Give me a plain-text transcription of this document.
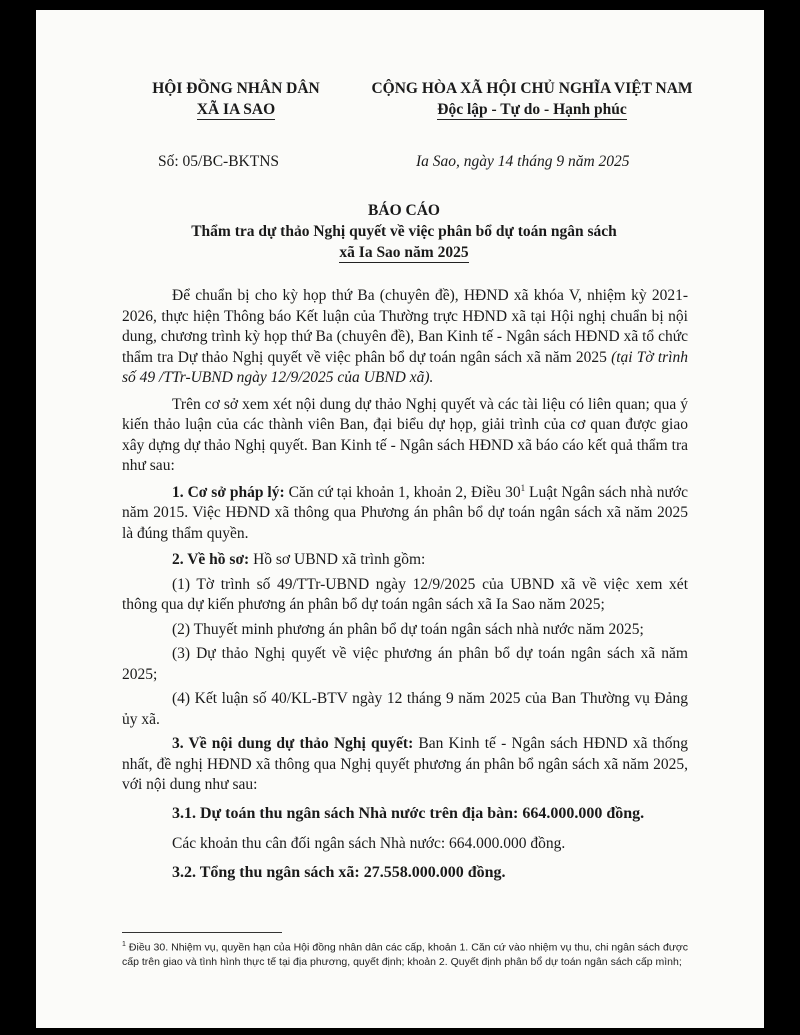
HỘI ĐỒNG NHÂN DÂN
XÃ IA SAO
CỘNG HÒA XÃ HỘI CHỦ NGHĨA VIỆT NAM
Độc lập - Tự do - Hạnh phúc
Số: 05/BC-BKTNS	Ia Sao, ngày 14 tháng 9 năm 2025
BÁO CÁO
Thẩm tra dự thảo Nghị quyết về việc phân bổ dự toán ngân sách
xã Ia Sao năm 2025

Để chuẩn bị cho kỳ họp thứ Ba (chuyên đề), HĐND xã khóa V, nhiệm kỳ 2021-2026, thực hiện Thông báo Kết luận của Thường trực HĐND xã tại Hội nghị chuẩn bị nội dung, chương trình kỳ họp thứ Ba (chuyên đề), Ban Kinh tế - Ngân sách HĐND xã tổ chức thẩm tra Dự thảo Nghị quyết về việc phân bổ dự toán ngân sách xã năm 2025 (tại Tờ trình số 49 /TTr-UBND ngày 12/9/2025 của UBND xã).

Trên cơ sở xem xét nội dung dự thảo Nghị quyết và các tài liệu có liên quan; qua ý kiến thảo luận của các thành viên Ban, đại biểu dự họp, giải trình của cơ quan được giao xây dựng dự thảo Nghị quyết. Ban Kinh tế - Ngân sách HĐND xã báo cáo kết quả thẩm tra như sau:

1. Cơ sở pháp lý: Căn cứ tại khoản 1, khoản 2, Điều $30^1$ Luật Ngân sách nhà nước năm 2015. Việc HĐND xã thông qua Phương án phân bổ dự toán ngân sách xã năm 2025 là đúng thẩm quyền.

2. Về hồ sơ: Hồ sơ UBND xã trình gồm:

(1) Tờ trình số 49/TTr-UBND ngày 12/9/2025 của UBND xã về việc xem xét thông qua dự kiến phương án phân bổ dự toán ngân sách xã Ia Sao năm 2025;

(2) Thuyết minh phương án phân bổ dự toán ngân sách nhà nước năm 2025;

(3) Dự thảo Nghị quyết về việc phương án phân bổ dự toán ngân sách xã năm 2025;

(4) Kết luận số 40/KL-BTV ngày 12 tháng 9 năm 2025 của Ban Thường vụ Đảng ủy xã.

3. Về nội dung dự thảo Nghị quyết: Ban Kinh tế - Ngân sách HĐND xã thống nhất, đề nghị HĐND xã thông qua Nghị quyết phương án phân bổ ngân sách xã năm 2025, với nội dung như sau:

3.1. Dự toán thu ngân sách Nhà nước trên địa bàn: 664.000.000 đồng.

Các khoản thu cân đối ngân sách Nhà nước: 664.000.000 đồng.

3.2. Tổng thu ngân sách xã: 27.558.000.000 đồng.

$^1$ Điều 30. Nhiệm vụ, quyền hạn của Hội đồng nhân dân các cấp, khoản 1. Căn cứ vào nhiệm vụ thu, chi ngân sách được cấp trên giao và tình hình thực tế tại địa phương, quyết định; khoản 2. Quyết định phân bổ dự toán ngân sách cấp mình;
